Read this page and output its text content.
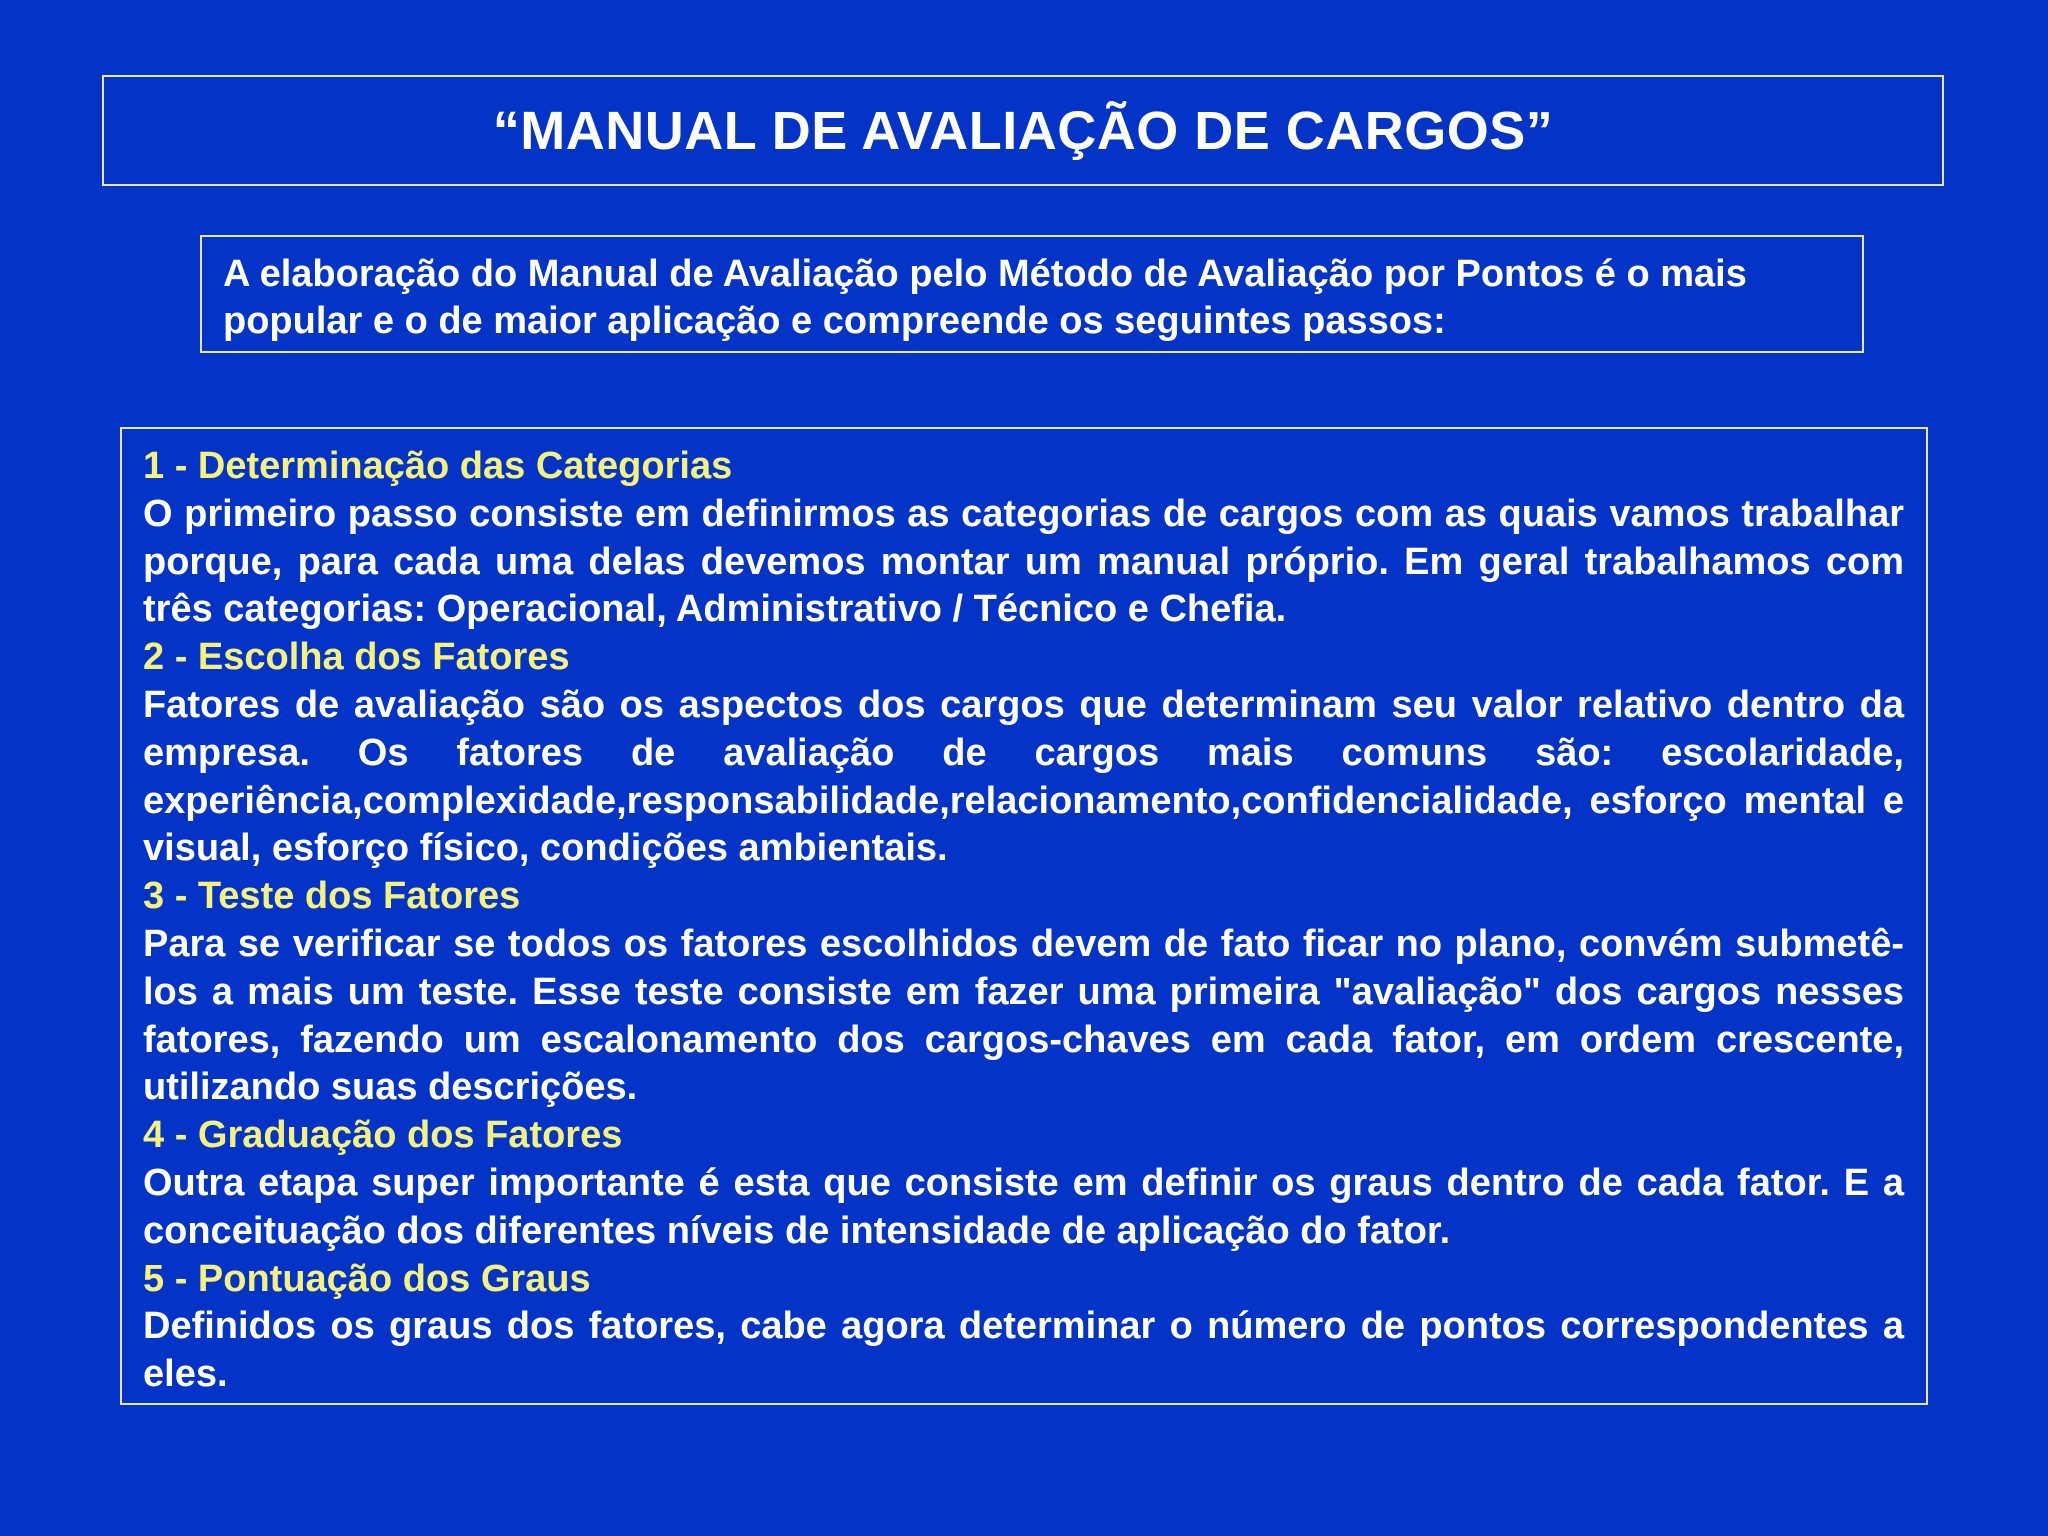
“MANUAL DE AVALIAÇÃO DE CARGOS”
A elaboração do Manual de Avaliação pelo Método de Avaliação por Pontos é o mais popular e o de maior aplicação e compreende os seguintes passos:
1 - Determinação das Categorias
O primeiro passo consiste em definirmos as categorias de cargos com as quais vamos trabalhar porque, para cada uma delas devemos montar um manual próprio. Em geral trabalhamos com três categorias: Operacional, Administrativo / Técnico e Chefia.
2 - Escolha dos Fatores
Fatores de avaliação são os aspectos dos cargos que determinam seu valor relativo dentro da empresa. Os fatores de avaliação de cargos mais comuns são: escolaridade, experiência,complexidade,responsabilidade,relacionamento,confidencialidade, esforço mental e visual, esforço físico, condições ambientais.
3 - Teste dos Fatores
Para se verificar se todos os fatores escolhidos devem de fato ficar no plano, convém submetê-los a mais um teste. Esse teste consiste em fazer uma primeira "avaliação" dos cargos nesses fatores, fazendo um escalonamento dos cargos-chaves em cada fator, em ordem crescente, utilizando suas descrições.
4 - Graduação dos Fatores
Outra etapa super importante é esta que consiste em definir os graus dentro de cada fator. E a conceituação dos diferentes níveis de intensidade de aplicação do fator.
5 - Pontuação dos Graus
Definidos os graus dos fatores, cabe agora determinar o número de pontos correspondentes a eles.
